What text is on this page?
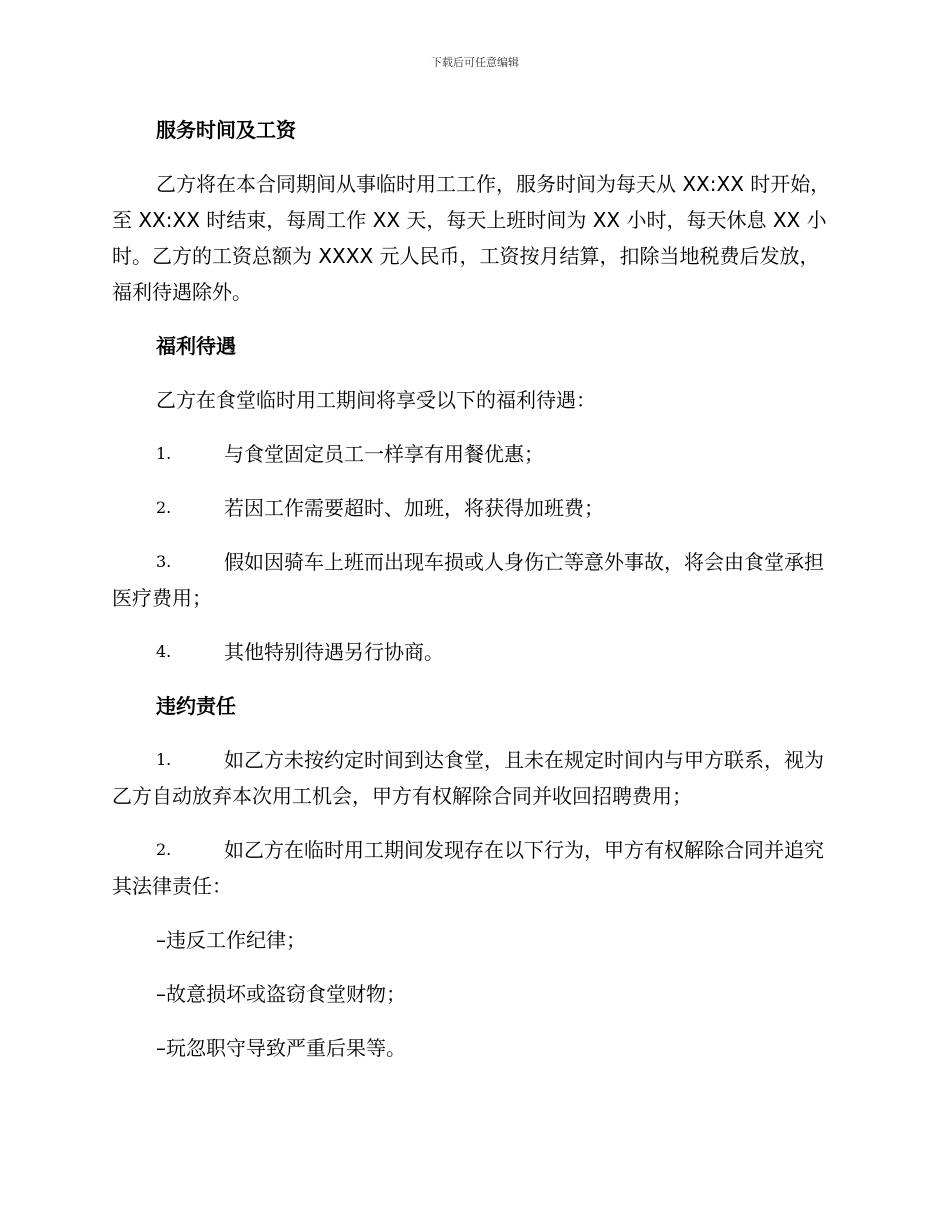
下载后可任意编辑
服务时间及工资
乙方将在本合同期间从事临时用工工作，服务时间为每天从 XX:XX 时开始，至 XX:XX 时结束，每周工作 XX 天，每天上班时间为 XX 小时，每天休息 XX 小时。乙方的工资总额为 XXXX 元人民币，工资按月结算，扣除当地税费后发放，福利待遇除外。
福利待遇
乙方在食堂临时用工期间将享受以下的福利待遇：
1.	与食堂固定员工一样享有用餐优惠；
2.	若因工作需要超时、加班，将获得加班费；
3.	假如因骑车上班而出现车损或人身伤亡等意外事故，将会由食堂承担医疗费用；
4.	其他特别待遇另行协商。
违约责任
1.	如乙方未按约定时间到达食堂，且未在规定时间内与甲方联系，视为乙方自动放弃本次用工机会，甲方有权解除合同并收回招聘费用；
2.	如乙方在临时用工期间发现存在以下行为，甲方有权解除合同并追究其法律责任：
–违反工作纪律；
–故意损坏或盗窃食堂财物；
–玩忽职守导致严重后果等。
